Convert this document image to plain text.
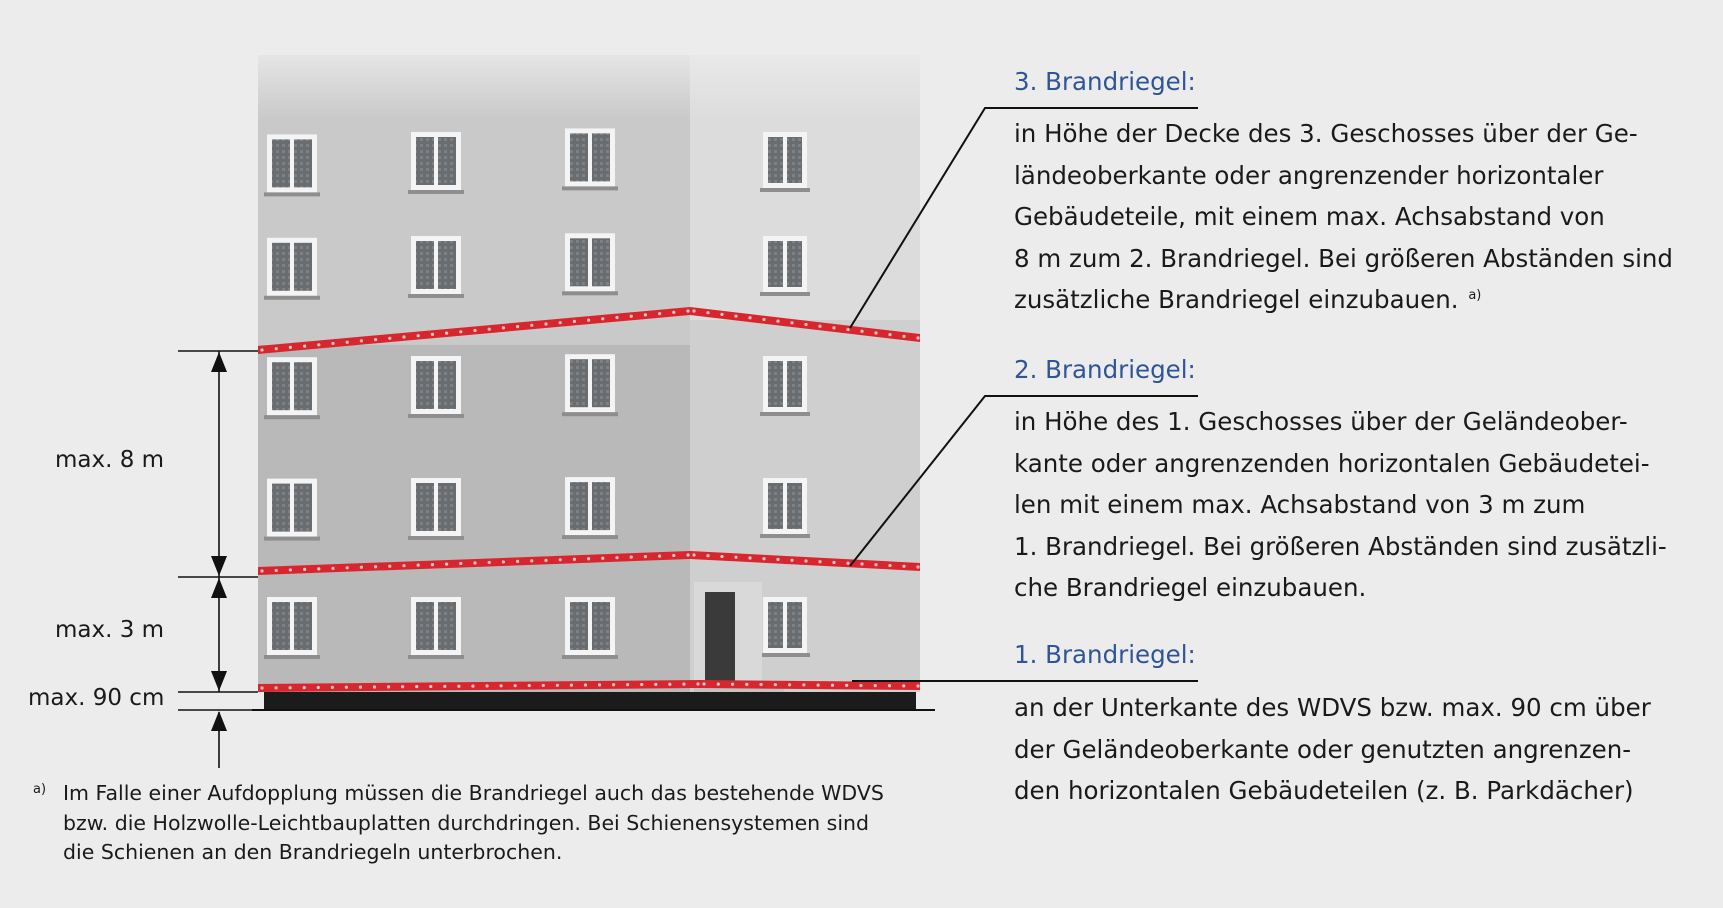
max. 8 m
max. 3 m
max. 90 cm
3. Brandriegel:
in Höhe der Decke des 3. Geschosses über der Ge-
ländeoberkante oder angrenzender horizontaler
Gebäudeteile, mit einem max. Achsabstand von
8 m zum 2. Brandriegel. Bei größeren Abständen sind
zusätzliche Brandriegel einzubauen. $^{a)}$
2. Brandriegel:
in Höhe des 1. Geschosses über der Geländeober-
kante oder angrenzenden horizontalen Gebäudetei-
len mit einem max. Achsabstand von 3 m zum
1. Brandriegel. Bei größeren Abständen sind zusätzli-
che Brandriegel einzubauen.
1. Brandriegel:
an der Unterkante des WDVS bzw. max. 90 cm über
der Geländeoberkante oder genutzten angrenzen-
den horizontalen Gebäudeteilen (z. B. Parkdächer)
a) Im Falle einer Aufdopplung müssen die Brandriegel auch das bestehende WDVS
bzw. die Holzwolle-Leichtbauplatten durchdringen. Bei Schienensystemen sind
die Schienen an den Brandriegeln unterbrochen.
